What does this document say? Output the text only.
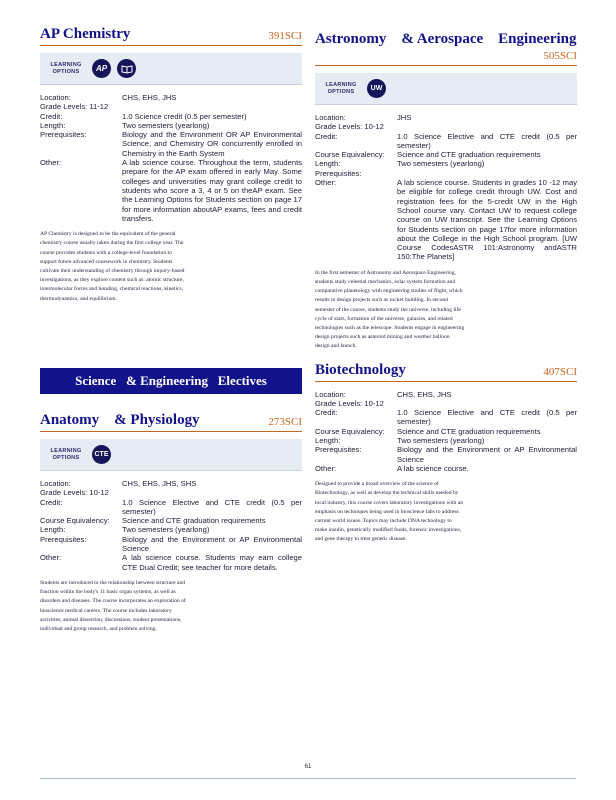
AP Chemistry	391SCI
LEARNING
OPTIONS	AP
Location:	CHS, EHS, JHS
Grade Levels: 11-12
Credit:	1.0 Science credit (0.5 per semester)
Length:	Two semesters (yearlong)
Prerequisites:	Biology and the Environment OR AP Environmental Science, and Chemistry OR concurrently enrolled in Chemistry in the Earth System
Other:	A lab science course. Throughout the term, students prepare for the AP exam offered in early May. Some colleges and universities may grant college credit to students who score a 3, 4 or 5 on theAP exam. See the Learning Options for Students section on page 17 for more information aboutAP exams, fees and credit transfers.

AP Chemistry is designed to be the equivalent of the general chemistry course usually taken during the first college year. The course provides students with a college-level foundation to support future advanced coursework in chemistry. Students cultivate their understanding of chemistry through inquiry-based investigations, as they explore content such as: atomic structure, intermolecular forces and bonding, chemical reactions, kinetics, thermodynamics, and equilibrium.

Science   & Engineering   Electives
Anatomy    & Physiology	273SCI
LEARNING
OPTIONS	CTE
Location:	CHS, EHS, JHS, SHS
Grade Levels: 10-12
Credit:	1.0 Science Elective and CTE credit (0.5 per semester)
Course Equivalency:	Science and CTE graduation requirements
Length:	Two semesters (yearlong)
Prerequisites:	Biology and the Environment or AP Environmental Science
Other:	A lab science course. Students may earn college CTE Dual Credit; see teacher for more details.

Students are introduced to the relationship between structure and function within the body's 11 basic organ systems, as well as disorders and diseases. The course incorporates an exploration of bioscience medical careers. The course includes laboratory activities, animal dissection, discussions, student presentations, individual and group research, and problem solving.

Astronomy    & Aerospace    Engineering
505SCI
LEARNING
OPTIONS	UW
Location:	JHS
Grade Levels: 10-12
Credit:	1.0 Science Elective and CTE credit (0.5 per semester)
Course Equivalency:	Science and CTE graduation requirements
Length:	Two semesters (yearlong)
Prerequisites:
Other:	A lab science course. Students in grades 10 -12 may be eligible for college credit through UW. Cost and registration fees for the 5-credit UW in the High School course vary. Contact UW to request college course on UW transcript. See the Learning Options for Students section on page 17for more information about the College in the High School program. [UW Course CodesASTR 101:Astronomy andASTR 150:The Planets]

In the first semester of Astronomy and Aerospace Engineering, students study celestial mechanics, solar system formation and comparative planetology with engineering studies of flight, which results in design projects such as rocket building. In second semester of the course, students study the universe, including life cycle of stars, formation of the universe, galaxies, and related technologies such as the telescope. Students engage in engineering design projects such as asteroid mining and weather balloon design and launch.

Biotechnology	407SCI
Location:	CHS, EHS, JHS
Grade Levels: 10-12
Credit:	1.0 Science Elective and CTE credit (0.5 per semester)
Course Equivalency:	Science and CTE graduation requirements
Length:	Two semesters (yearlong)
Prerequisites:	Biology and the Environment or AP Environmental Science
Other:	A lab science course.

Designed to provide a broad overview of the science of Biotechnology, as well as develop the technical skills needed by local industry, this course covers laboratory investigations with an emphasis on techniques being used in bioscience labs to address current world issues. Topics may include DNA technology to make insulin, genetically modified foods, forensic investigations, and gene therapy to treat genetic disease.

61
